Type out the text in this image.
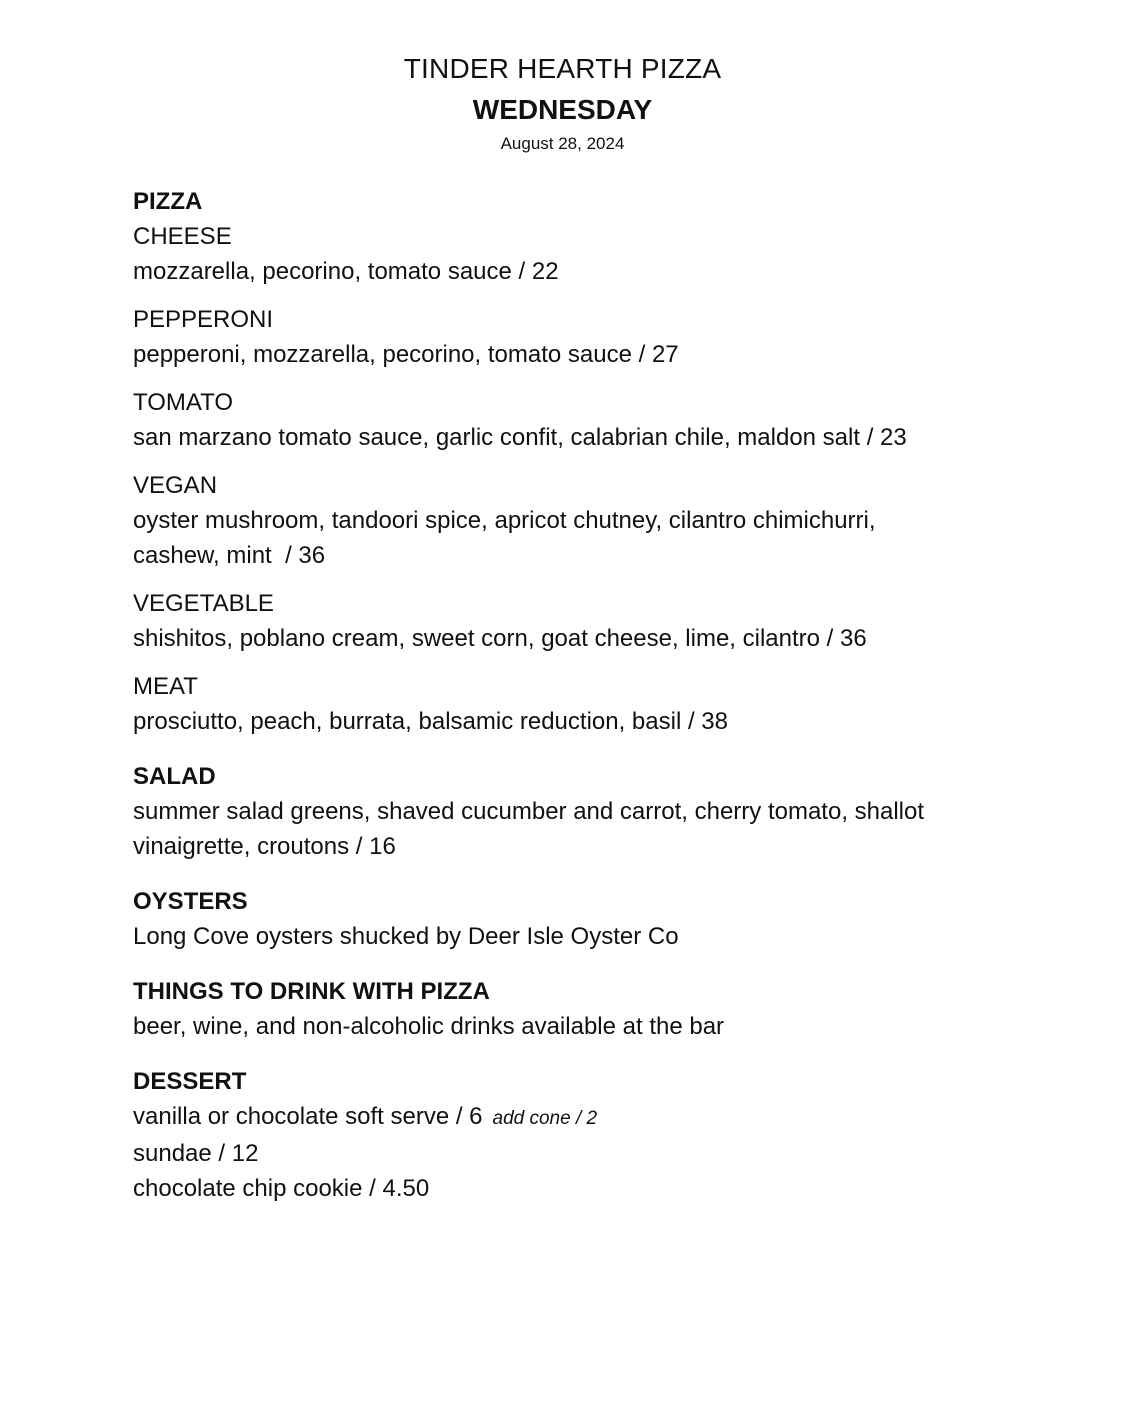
TINDER HEARTH PIZZA
WEDNESDAY
August 28, 2024
PIZZA
CHEESE
mozzarella, pecorino, tomato sauce / 22
PEPPERONI
pepperoni, mozzarella, pecorino, tomato sauce / 27
TOMATO
san marzano tomato sauce, garlic confit, calabrian chile, maldon salt / 23
VEGAN
oyster mushroom, tandoori spice, apricot chutney, cilantro chimichurri,
cashew, mint  / 36
VEGETABLE
shishitos, poblano cream, sweet corn, goat cheese, lime, cilantro / 36
MEAT
prosciutto, peach, burrata, balsamic reduction, basil / 38
SALAD
summer salad greens, shaved cucumber and carrot, cherry tomato, shallot
vinaigrette, croutons / 16
OYSTERS
Long Cove oysters shucked by Deer Isle Oyster Co
THINGS TO DRINK WITH PIZZA
beer, wine, and non-alcoholic drinks available at the bar
DESSERT
vanilla or chocolate soft serve / 6 add cone / 2
sundae / 12
chocolate chip cookie / 4.50
